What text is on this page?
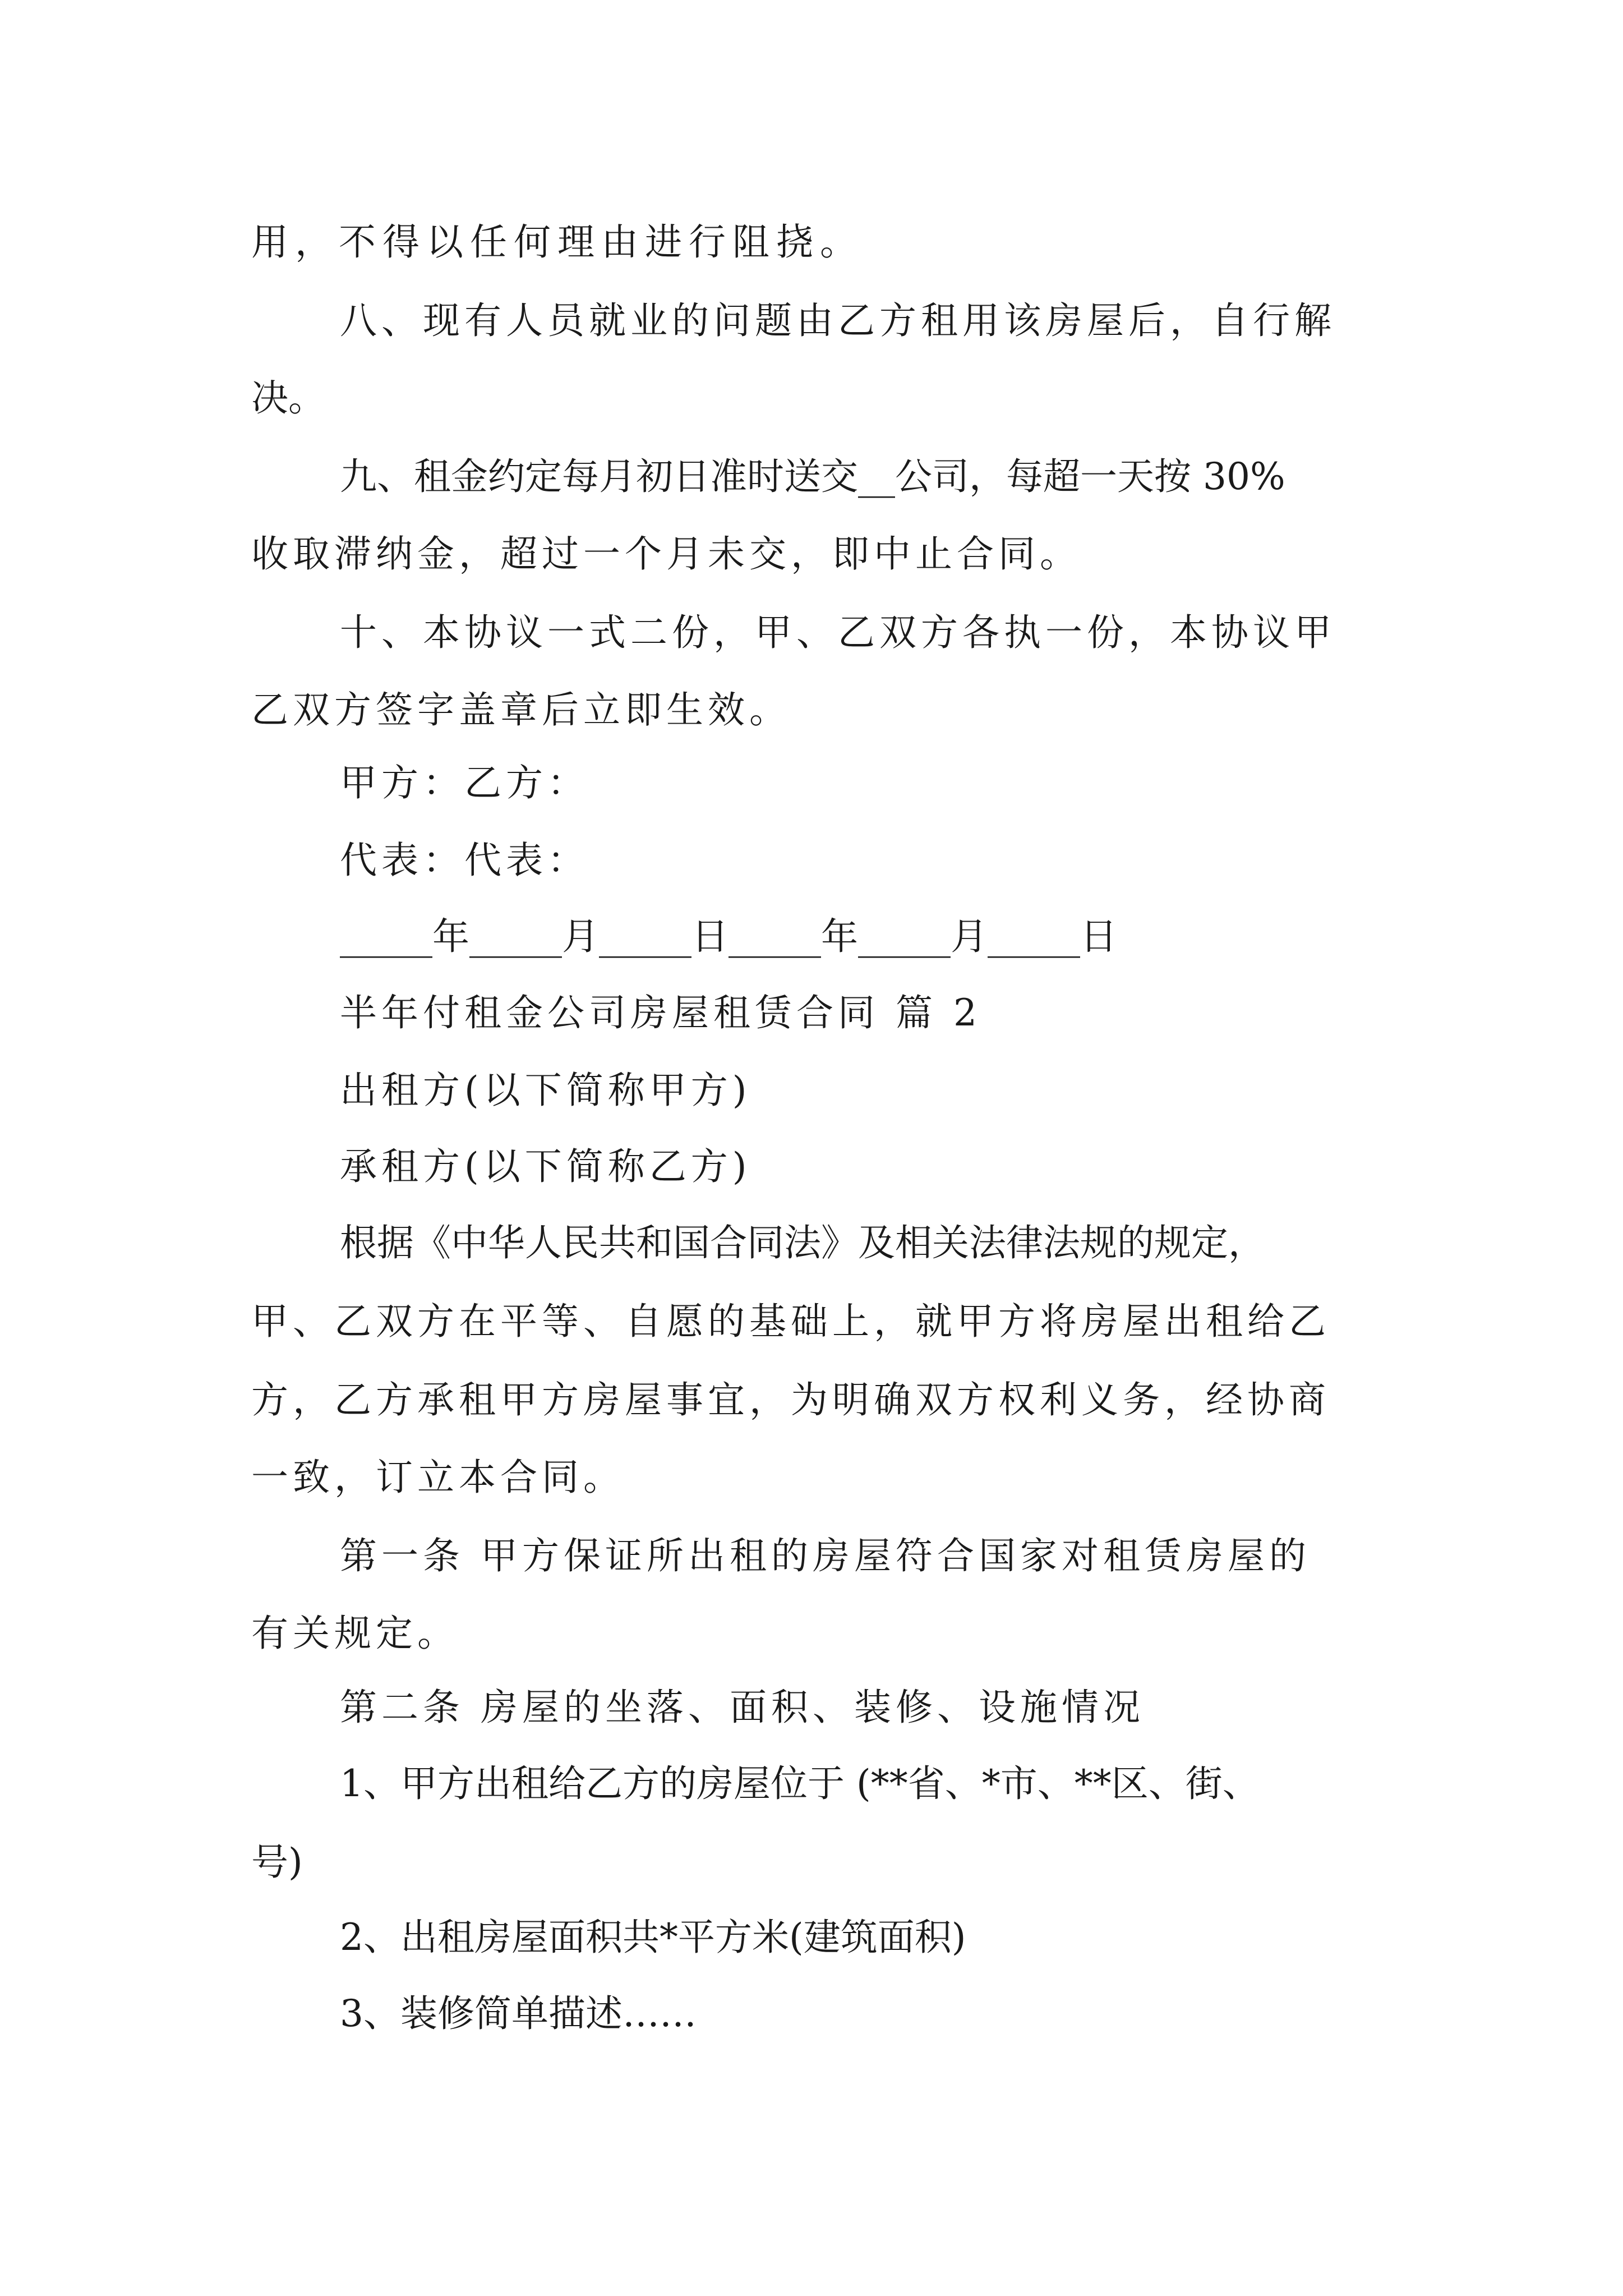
用，不得以任何理由进行阻挠。
八、现有人员就业的问题由乙方租用该房屋后，自行解
决。
九、租金约定每月初日准时送交__公司，每超一天按 30%
收取滞纳金，超过一个月未交，即中止合同。
十、本协议一式二份，甲、乙双方各执一份，本协议甲
乙双方签字盖章后立即生效。
甲方：乙方：
代表：代表：
_____年_____月_____日_____年_____月_____日
半年付租金公司房屋租赁合同 篇 2
出租方(以下简称甲方)
承租方(以下简称乙方)
根据《中华人民共和国合同法》及相关法律法规的规定，
甲、乙双方在平等、自愿的基础上，就甲方将房屋出租给乙
方，乙方承租甲方房屋事宜，为明确双方权利义务，经协商
一致，订立本合同。
第一条 甲方保证所出租的房屋符合国家对租赁房屋的
有关规定。
第二条 房屋的坐落、面积、装修、设施情况
1、甲方出租给乙方的房屋位于 (**省、*市、**区、街、
号)
2、出租房屋面积共*平方米(建筑面积)
3、装修简单描述……
